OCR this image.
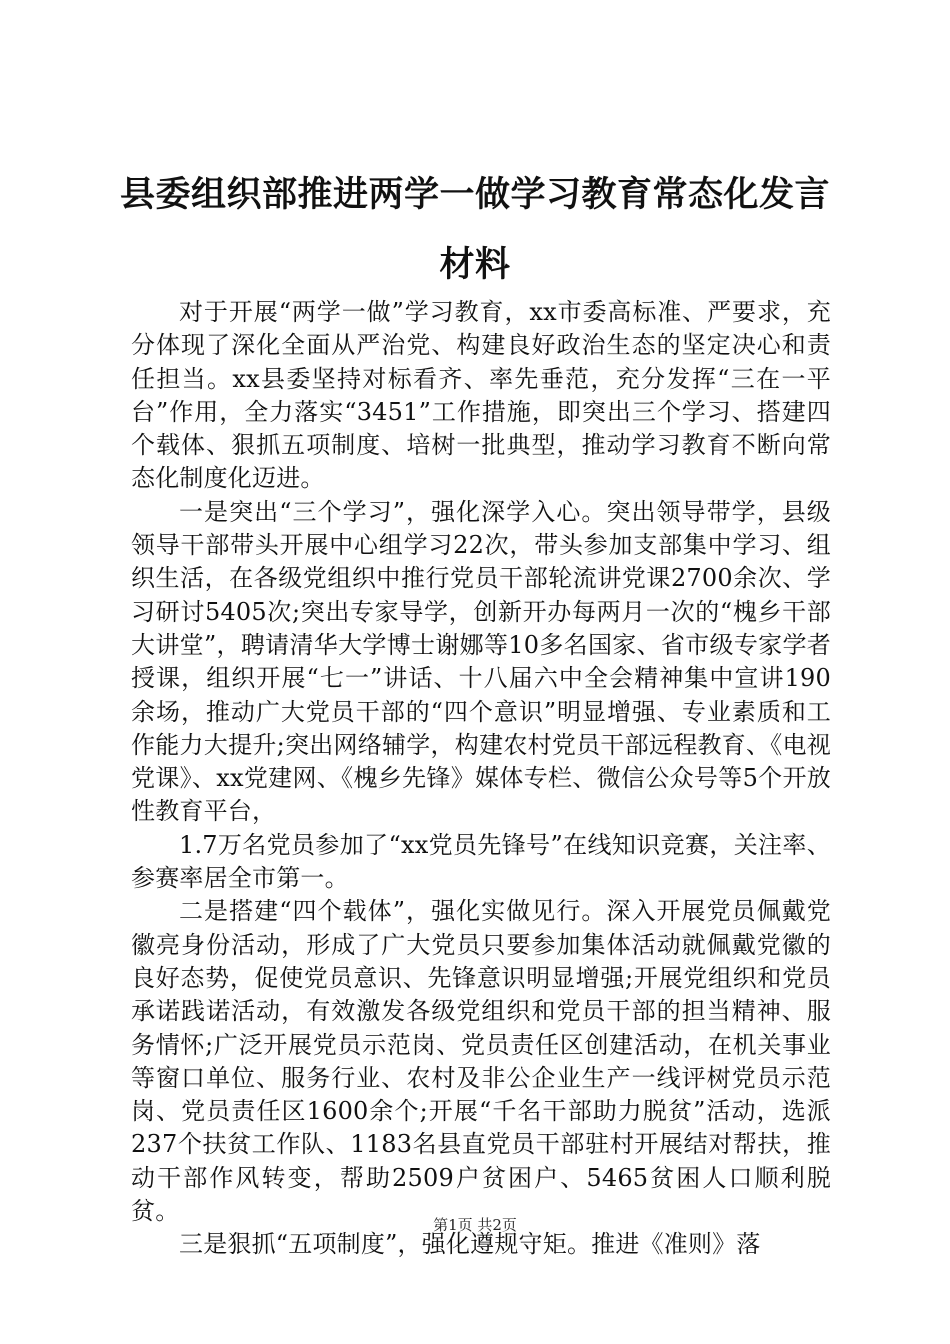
县委组织部推进两学一做学习教育常态化发言材料

对于开展“两学一做”学习教育，xx市委高标准、严要求，充分体现了深化全面从严治党、构建良好政治生态的坚定决心和责任担当。xx县委坚持对标看齐、率先垂范，充分发挥“三在一平台”作用，全力落实“3451”工作措施，即突出三个学习、搭建四个载体、狠抓五项制度、培树一批典型，推动学习教育不断向常态化制度化迈进。

一是突出“三个学习”，强化深学入心。突出领导带学，县级领导干部带头开展中心组学习22次，带头参加支部集中学习、组织生活，在各级党组织中推行党员干部轮流讲党课2700余次、学习研讨5405次;突出专家导学，创新开办每两月一次的“槐乡干部大讲堂”，聘请清华大学博士谢娜等10多名国家、省市级专家学者授课，组织开展“七一”讲话、十八届六中全会精神集中宣讲190余场，推动广大党员干部的“四个意识”明显增强、专业素质和工作能力大提升;突出网络辅学，构建农村党员干部远程教育、《电视党课》、xx党建网、《槐乡先锋》媒体专栏、微信公众号等5个开放性教育平台，

1.7万名党员参加了“xx党员先锋号”在线知识竞赛，关注率、参赛率居全市第一。

二是搭建“四个载体”，强化实做见行。深入开展党员佩戴党徽亮身份活动，形成了广大党员只要参加集体活动就佩戴党徽的良好态势，促使党员意识、先锋意识明显增强;开展党组织和党员承诺践诺活动，有效激发各级党组织和党员干部的担当精神、服务情怀;广泛开展党员示范岗、党员责任区创建活动，在机关事业等窗口单位、服务行业、农村及非公企业生产一线评树党员示范岗、党员责任区1600余个;开展“千名干部助力脱贫”活动，选派237个扶贫工作队、1183名县直党员干部驻村开展结对帮扶，推动干部作风转变，帮助2509户贫困户、5465贫困人口顺利脱贫。

三是狠抓“五项制度”，强化遵规守矩。推进《准则》落

第1页 共2页
